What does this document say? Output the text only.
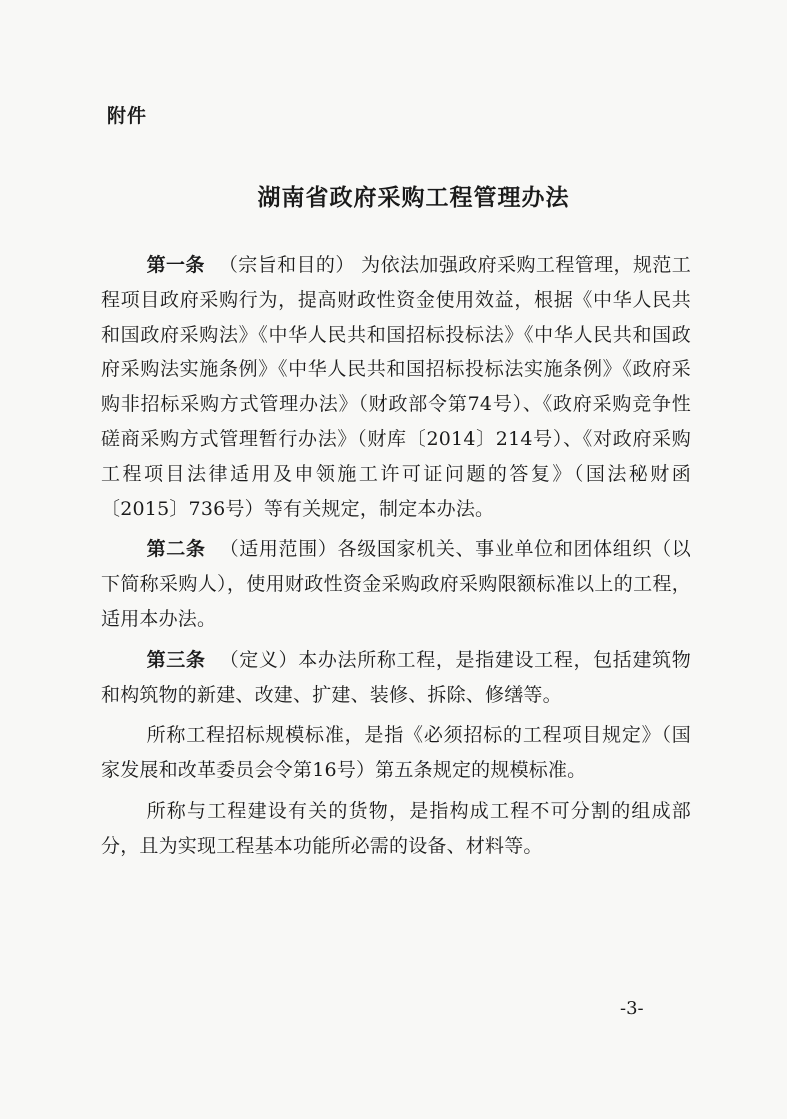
附件
湖南省政府采购工程管理办法

第一条 （宗旨和目的） 为依法加强政府采购工程管理，规范工程项目政府采购行为，提高财政性资金使用效益，根据《中华人民共和国政府采购法》《中华人民共和国招标投标法》《中华人民共和国政府采购法实施条例》《中华人民共和国招标投标法实施条例》《政府采购非招标采购方式管理办法》（财政部令第74号）、《政府采购竞争性磋商采购方式管理暂行办法》（财库〔2014〕214号）、《对政府采购工程项目法律适用及申领施工许可证问题的答复》（国法秘财函〔2015〕736号）等有关规定，制定本办法。

第二条 （适用范围）各级国家机关、事业单位和团体组织（以下简称采购人），使用财政性资金采购政府采购限额标准以上的工程，适用本办法。

第三条 （定义）本办法所称工程，是指建设工程，包括建筑物和构筑物的新建、改建、扩建、装修、拆除、修缮等。

所称工程招标规模标准，是指《必须招标的工程项目规定》（国家发展和改革委员会令第16号）第五条规定的规模标准。

所称与工程建设有关的货物，是指构成工程不可分割的组成部分，且为实现工程基本功能所必需的设备、材料等。

-3-
